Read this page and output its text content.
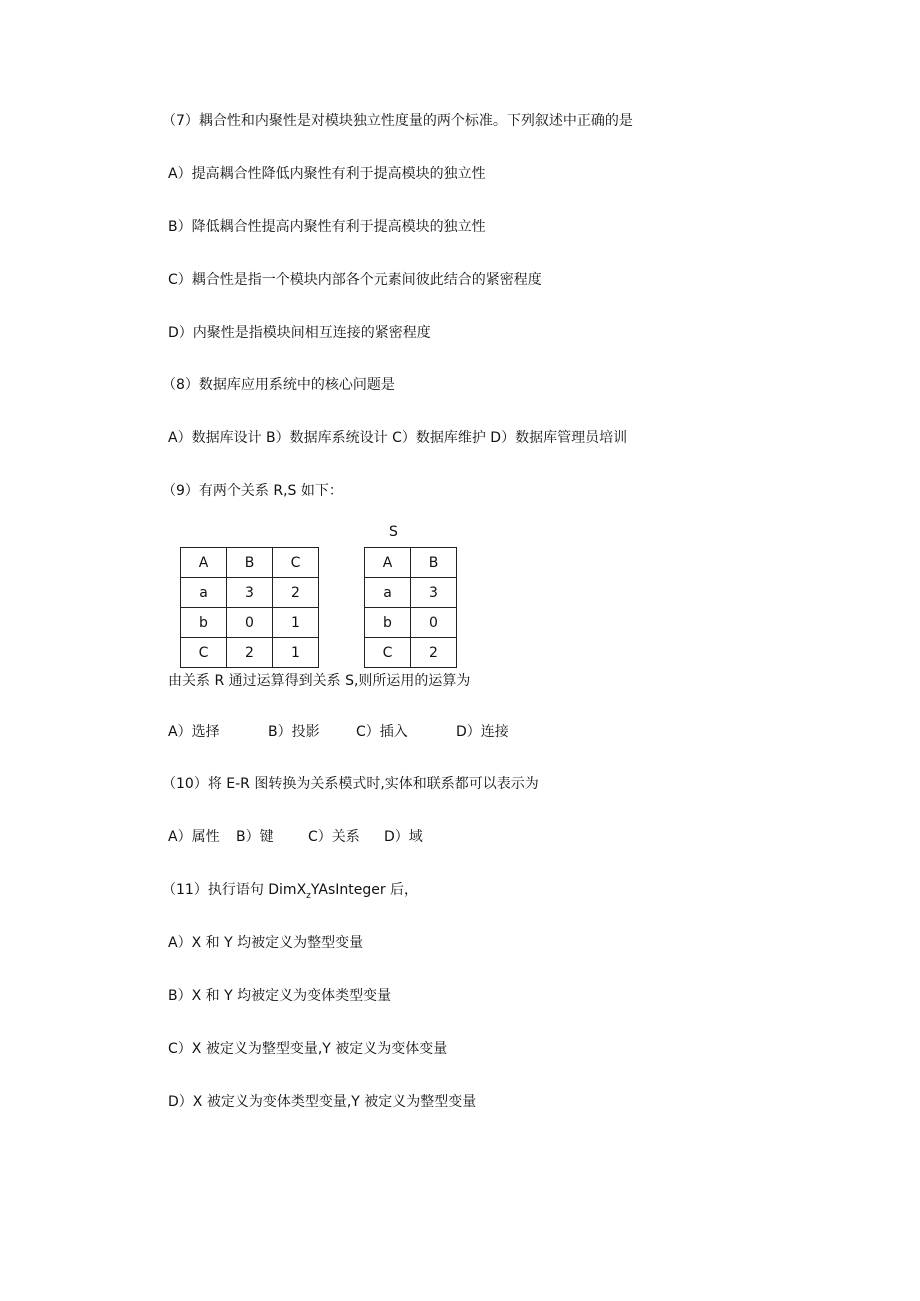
（7）耦合性和内聚性是对模块独立性度量的两个标准。下列叙述中正确的是
A）提高耦合性降低内聚性有利于提高模块的独立性
B）降低耦合性提高内聚性有利于提高模块的独立性
C）耦合性是指一个模块内部各个元素间彼此结合的紧密程度
D）内聚性是指模块间相互连接的紧密程度
（8）数据库应用系统中的核心问题是
A）数据库设计 B）数据库系统设计 C）数据库维护 D）数据库管理员培训
（9）有两个关系 R,S 如下：
S
A	B	C
a	3	2
b	0	1
C	2	1
A	B
a	3
b	0
C	2
由关系 R 通过运算得到关系 S,则所运用的运算为
A）选择	B）投影	C）插入	D）连接
（10）将 E-R 图转换为关系模式时,实体和联系都可以表示为
A）属性 B）键 C）关系 D）域
（11）执行语句 DimX$_z$YAsInteger 后，
A）X 和 Y 均被定义为整型变量
B）X 和 Y 均被定义为变体类型变量
C）X 被定义为整型变量,Y 被定义为变体变量
D）X 被定义为变体类型变量,Y 被定义为整型变量
